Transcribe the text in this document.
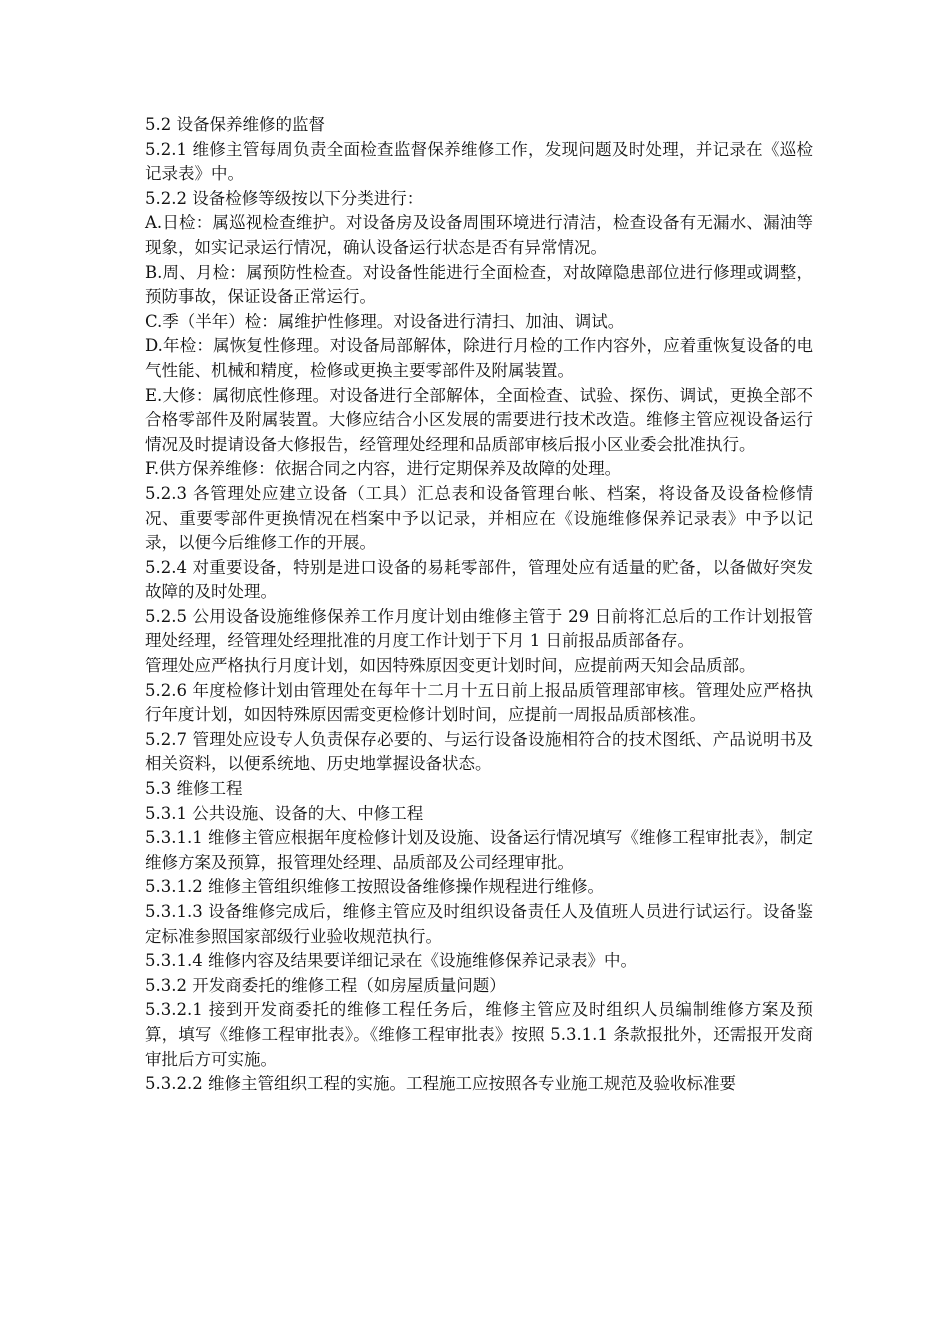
5.2 设备保养维修的监督

5.2.1 维修主管每周负责全面检查监督保养维修工作，发现问题及时处理，并记录在《巡检记录表》中。

5.2.2 设备检修等级按以下分类进行：

A.日检：属巡视检查维护。对设备房及设备周围环境进行清洁，检查设备有无漏水、漏油等现象，如实记录运行情况，确认设备运行状态是否有异常情况。

B.周、月检：属预防性检查。对设备性能进行全面检查，对故障隐患部位进行修理或调整，预防事故，保证设备正常运行。

C.季（半年）检：属维护性修理。对设备进行清扫、加油、调试。

D.年检：属恢复性修理。对设备局部解体，除进行月检的工作内容外，应着重恢复设备的电气性能、机械和精度，检修或更换主要零部件及附属装置。

E.大修：属彻底性修理。对设备进行全部解体，全面检查、试验、探伤、调试，更换全部不合格零部件及附属装置。大修应结合小区发展的需要进行技术改造。维修主管应视设备运行情况及时提请设备大修报告，经管理处经理和品质部审核后报小区业委会批准执行。

F.供方保养维修：依据合同之内容，进行定期保养及故障的处理。

5.2.3 各管理处应建立设备（工具）汇总表和设备管理台帐、档案，将设备及设备检修情况、重要零部件更换情况在档案中予以记录，并相应在《设施维修保养记录表》中予以记录，以便今后维修工作的开展。

5.2.4 对重要设备，特别是进口设备的易耗零部件，管理处应有适量的贮备，以备做好突发故障的及时处理。

5.2.5 公用设备设施维修保养工作月度计划由维修主管于 29 日前将汇总后的工作计划报管理处经理，经管理处经理批准的月度工作计划于下月 1 日前报品质部备存。

管理处应严格执行月度计划，如因特殊原因变更计划时间，应提前两天知会品质部。

5.2.6 年度检修计划由管理处在每年十二月十五日前上报品质管理部审核。管理处应严格执行年度计划，如因特殊原因需变更检修计划时间，应提前一周报品质部核准。

5.2.7 管理处应设专人负责保存必要的、与运行设备设施相符合的技术图纸、产品说明书及相关资料，以便系统地、历史地掌握设备状态。

5.3 维修工程

5.3.1 公共设施、设备的大、中修工程

5.3.1.1 维修主管应根据年度检修计划及设施、设备运行情况填写《维修工程审批表》，制定维修方案及预算，报管理处经理、品质部及公司经理审批。

5.3.1.2 维修主管组织维修工按照设备维修操作规程进行维修。

5.3.1.3 设备维修完成后，维修主管应及时组织设备责任人及值班人员进行试运行。设备鉴定标准参照国家部级行业验收规范执行。

5.3.1.4 维修内容及结果要详细记录在《设施维修保养记录表》中。

5.3.2 开发商委托的维修工程（如房屋质量问题）

5.3.2.1 接到开发商委托的维修工程任务后，维修主管应及时组织人员编制维修方案及预算，填写《维修工程审批表》。《维修工程审批表》按照 5.3.1.1 条款报批外，还需报开发商审批后方可实施。

5.3.2.2 维修主管组织工程的实施。工程施工应按照各专业施工规范及验收标准要
